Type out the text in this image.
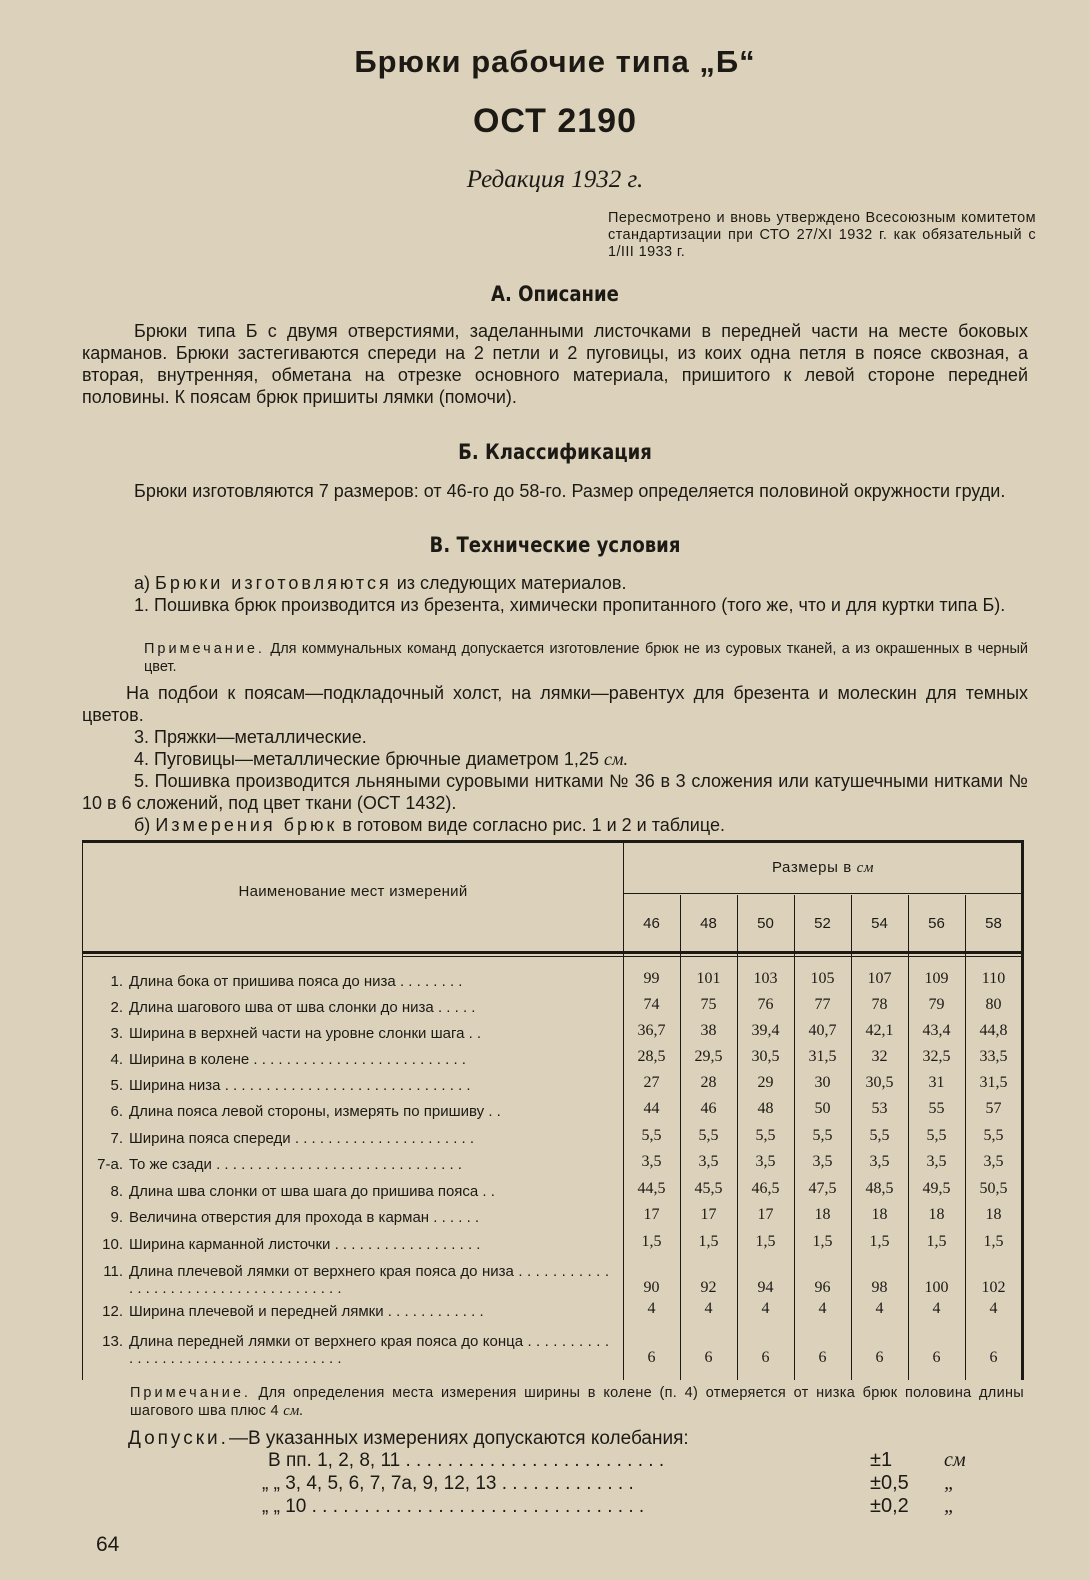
Брюки рабочие типа „Б“
ОСТ 2190
Редакция 1932 г.
Пересмотрено и вновь утверждено Всесоюзным комитетом стандартизации при СТО 27/XI 1932 г. как обязательный с 1/III 1933 г.
А. Описание
Брюки типа Б с двумя отверстиями, заделанными листочками в передней части на месте боковых карманов. Брюки застегиваются спереди на 2 петли и 2 пуговицы, из коих одна петля в поясе сквозная, а вторая, внутренняя, обметана на отрезке основного материала, пришитого к левой стороне передней половины. К поясам брюк пришиты лямки (помочи).
Б. Классификация
Брюки изготовляются 7 размеров: от 46-го до 58-го. Размер определяется половиной окружности груди.
В. Технические условия
а) Брюки изготовляются из следующих материалов.
1. Пошивка брюк производится из брезента, химически пропитанного (того же, что и для куртки типа Б).
Примечание. Для коммунальных команд допускается изготовление брюк не из суровых тканей, а из окрашенных в черный цвет.
На подбои к поясам—подкладочный холст, на лямки—равентух для брезента и молескин для темных цветов.
3. Пряжки—металлические.
4. Пуговицы—металлические брючные диаметром 1,25 см.
5. Пошивка производится льняными суровыми нитками № 36 в 3 сложения или катушечными нитками № 10 в 6 сложений, под цвет ткани (ОСТ 1432).
б) Измерения брюк в готовом виде согласно рис. 1 и 2 и таблице.
Наименование мест измерений
Размеры в см
46	48	50	52	54	56	58
1. Длина бока от пришива пояса до низа . . . . . . . .	99	101	103	105	107	109	110
2. Длина шагового шва от шва слонки до низа . . . . .	74	75	76	77	78	79	80
3. Ширина в верхней части на уровне слонки шага . .	36,7	38	39,4	40,7	42,1	43,4	44,8
4. Ширина в колене . . . . . . . . . . . . . . . . . . . . . . . . . .	28,5	29,5	30,5	31,5	32	32,5	33,5
5. Ширина низа . . . . . . . . . . . . . . . . . . . . . . . . . . . . . .	27	28	29	30	30,5	31	31,5
6. Длина пояса левой стороны, измерять по пришиву . .	44	46	48	50	53	55	57
7. Ширина пояса спереди . . . . . . . . . . . . . . . . . . . . . .	5,5	5,5	5,5	5,5	5,5	5,5	5,5
7-а. То же сзади . . . . . . . . . . . . . . . . . . . . . . . . . . . . . .	3,5	3,5	3,5	3,5	3,5	3,5	3,5
8. Длина шва слонки от шва шага до пришива пояса . .	44,5	45,5	46,5	47,5	48,5	49,5	50,5
9. Величина отверстия для прохода в карман . . . . . .	17	17	17	18	18	18	18
10. Ширина карманной листочки . . . . . . . . . . . . . . . . . .	1,5	1,5	1,5	1,5	1,5	1,5	1,5
11. Длина плечевой лямки от верхнего края пояса до низа . . . . . . . . . . . . . . . . . . . . . . . . . . . . . . . . . . . . .	90	92	94	96	98	100	102
12. Ширина плечевой и передней лямки . . . . . . . . . . . .	4	4	4	4	4	4	4
13. Длина передней лямки от верхнего края пояса до конца . . . . . . . . . . . . . . . . . . . . . . . . . . . . . . . . . . . .	6	6	6	6	6	6	6
Примечание. Для определения места измерения ширины в колене (п. 4) отмеряется от низка брюк половина длины шагового шва плюс 4 см.
Допуски.—В указанных измерениях допускаются колебания:
В пп. 1, 2, 8, 11 . . . . . . . . . . . . . . . . . . . . . . . . .	±1	см
„ „ 3, 4, 5, 6, 7, 7а, 9, 12, 13 . . . . . . . . . . . . .	±0,5 „
„ „ 10 . . . . . . . . . . . . . . . . . . . . . . . . . . . . . . . .	±0,2 „
64
